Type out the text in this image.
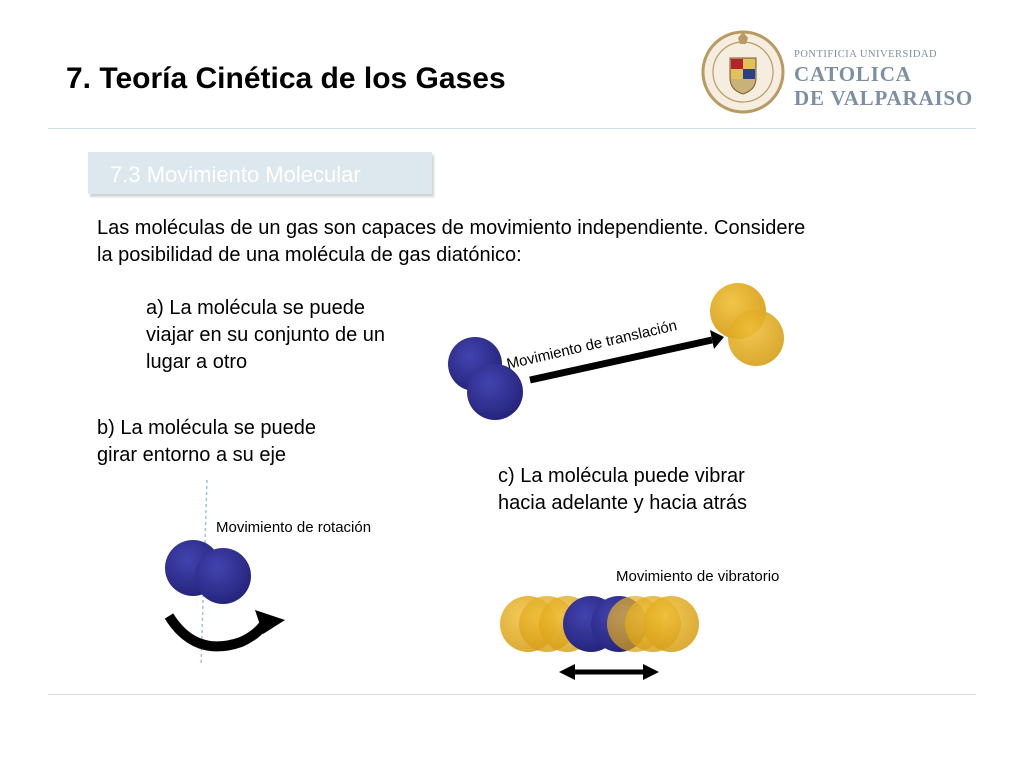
7. Teoría Cinética de los Gases
PONTIFICIA UNIVERSIDAD
CATOLICA
DE VALPARAISO
7.3 Movimiento Molecular
Las moléculas de un gas son capaces de movimiento independiente. Considere
la posibilidad de una molécula de gas diatónico:
a) La molécula se puede
viajar en su conjunto de un
lugar a otro
b) La molécula se puede
girar entorno a su eje
c) La molécula puede vibrar
hacia adelante y hacia atrás
Movimiento de translación
Movimiento de rotación
Movimiento de vibratorio
